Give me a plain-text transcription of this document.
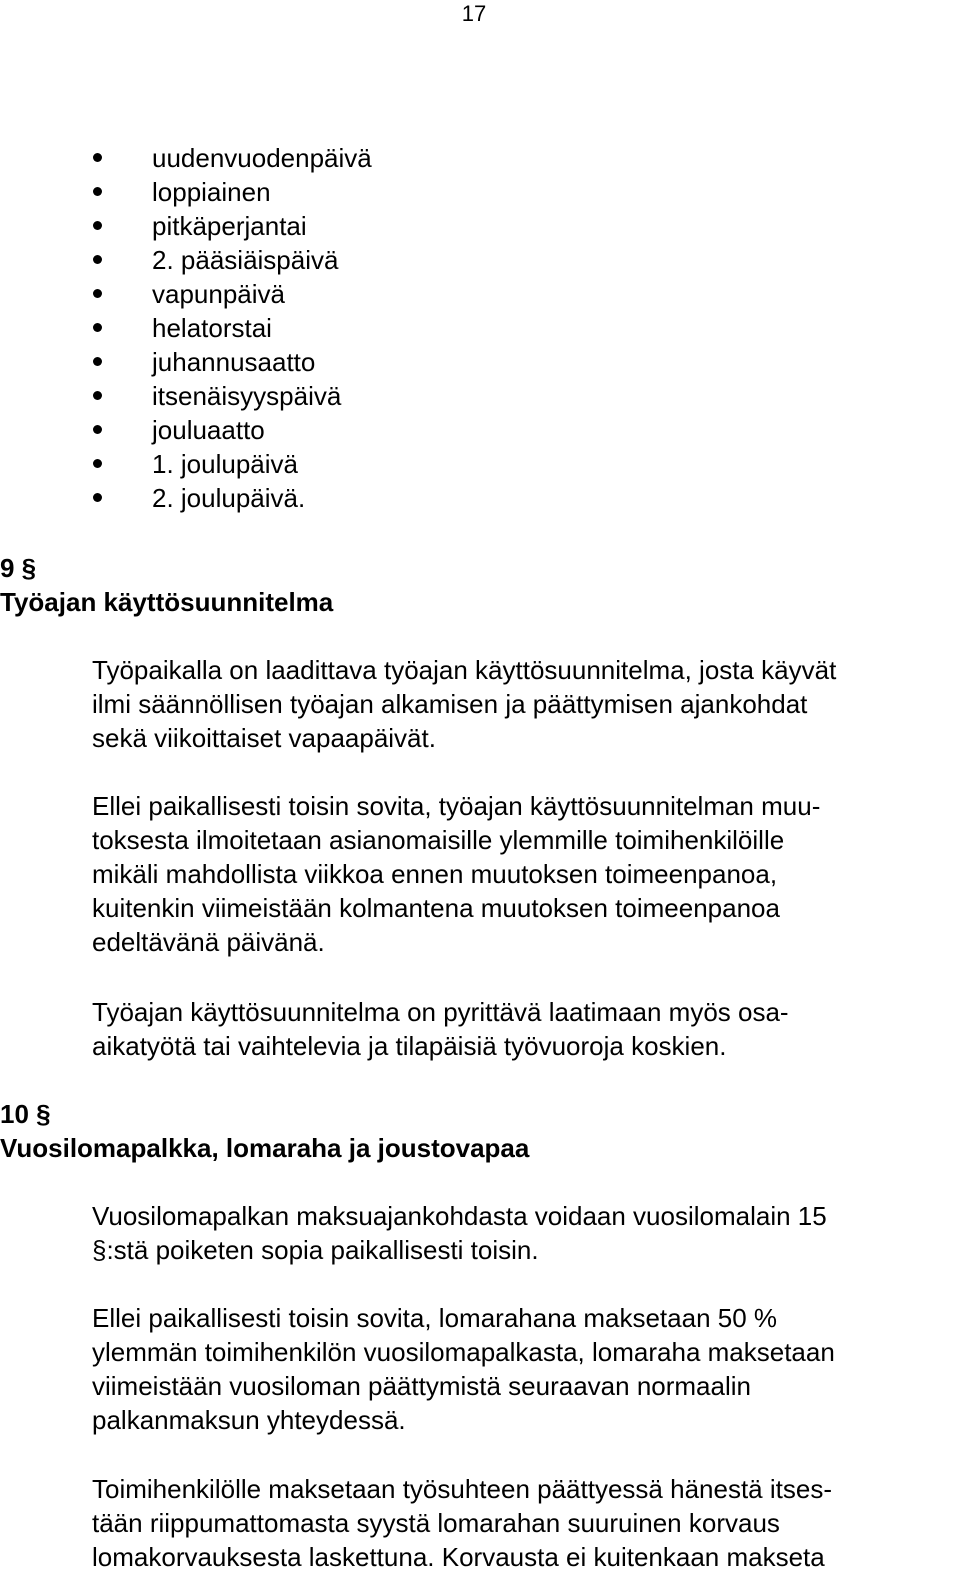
17
uudenvuodenpäivä
loppiainen
pitkäperjantai
2. pääsiäispäivä
vapunpäivä
helatorstai
juhannusaatto
itsenäisyyspäivä
jouluaatto
1. joulupäivä
2. joulupäivä.
9 §
Työajan käyttösuunnitelma

Työpaikalla on laadittava työajan käyttösuunnitelma, josta käyvät
ilmi säännöllisen työajan alkamisen ja päättymisen ajankohdat
sekä viikoittaiset vapaapäivät.

Ellei paikallisesti toisin sovita, työajan käyttösuunnitelman muu-
toksesta ilmoitetaan asianomaisille ylemmille toimihenkilöille
mikäli mahdollista viikkoa ennen muutoksen toimeenpanoa,
kuitenkin viimeistään kolmantena muutoksen toimeenpanoa
edeltävänä päivänä.

Työajan käyttösuunnitelma on pyrittävä laatimaan myös osa-
aikatyötä tai vaihtelevia ja tilapäisiä työvuoroja koskien.

10 §
Vuosilomapalkka, lomaraha ja joustovapaa

Vuosilomapalkan maksuajankohdasta voidaan vuosilomalain 15
§:stä poiketen sopia paikallisesti toisin.

Ellei paikallisesti toisin sovita, lomarahana maksetaan 50 %
ylemmän toimihenkilön vuosilomapalkasta, lomaraha maksetaan
viimeistään vuosiloman päättymistä seuraavan normaalin
palkanmaksun yhteydessä.

Toimihenkilölle maksetaan työsuhteen päättyessä hänestä itses-
tään riippumattomasta syystä lomarahan suuruinen korvaus
lomakorvauksesta laskettuna. Korvausta ei kuitenkaan makseta
